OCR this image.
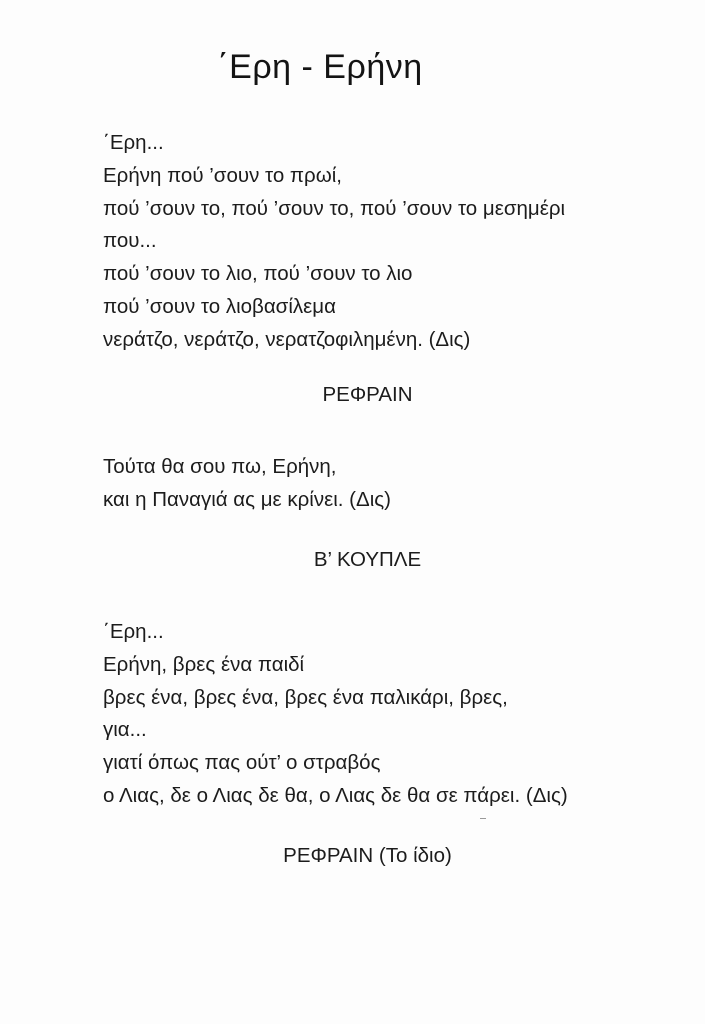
΄Ερη - Ερήνη
΄Ερη...
Ερήνη πού ’σουν το πρωί,
πού ’σουν το, πού ’σουν το, πού ’σουν το μεσημέρι
που...
πού ’σουν το λιο, πού ’σουν το λιο
πού ’σουν το λιοβασίλεμα
νεράτζο, νεράτζο, νερατζοφιλημένη. (Δις)
ΡΕΦΡΑΙΝ
Τούτα θα σου πω, Ερήνη,
και η Παναγιά ας με κρίνει. (Δις)
Β’ ΚΟΥΠΛΕ
΄Ερη...
Ερήνη, βρες ένα παιδί
βρες ένα, βρες ένα, βρες ένα παλικάρι, βρες,
για...
γιατί όπως πας ούτ’ ο στραβός
ο Λιας, δε ο Λιας δε θα, ο Λιας δε θα σε πάρει. (Δις)
ΡΕΦΡΑΙΝ (Το ίδιο)
